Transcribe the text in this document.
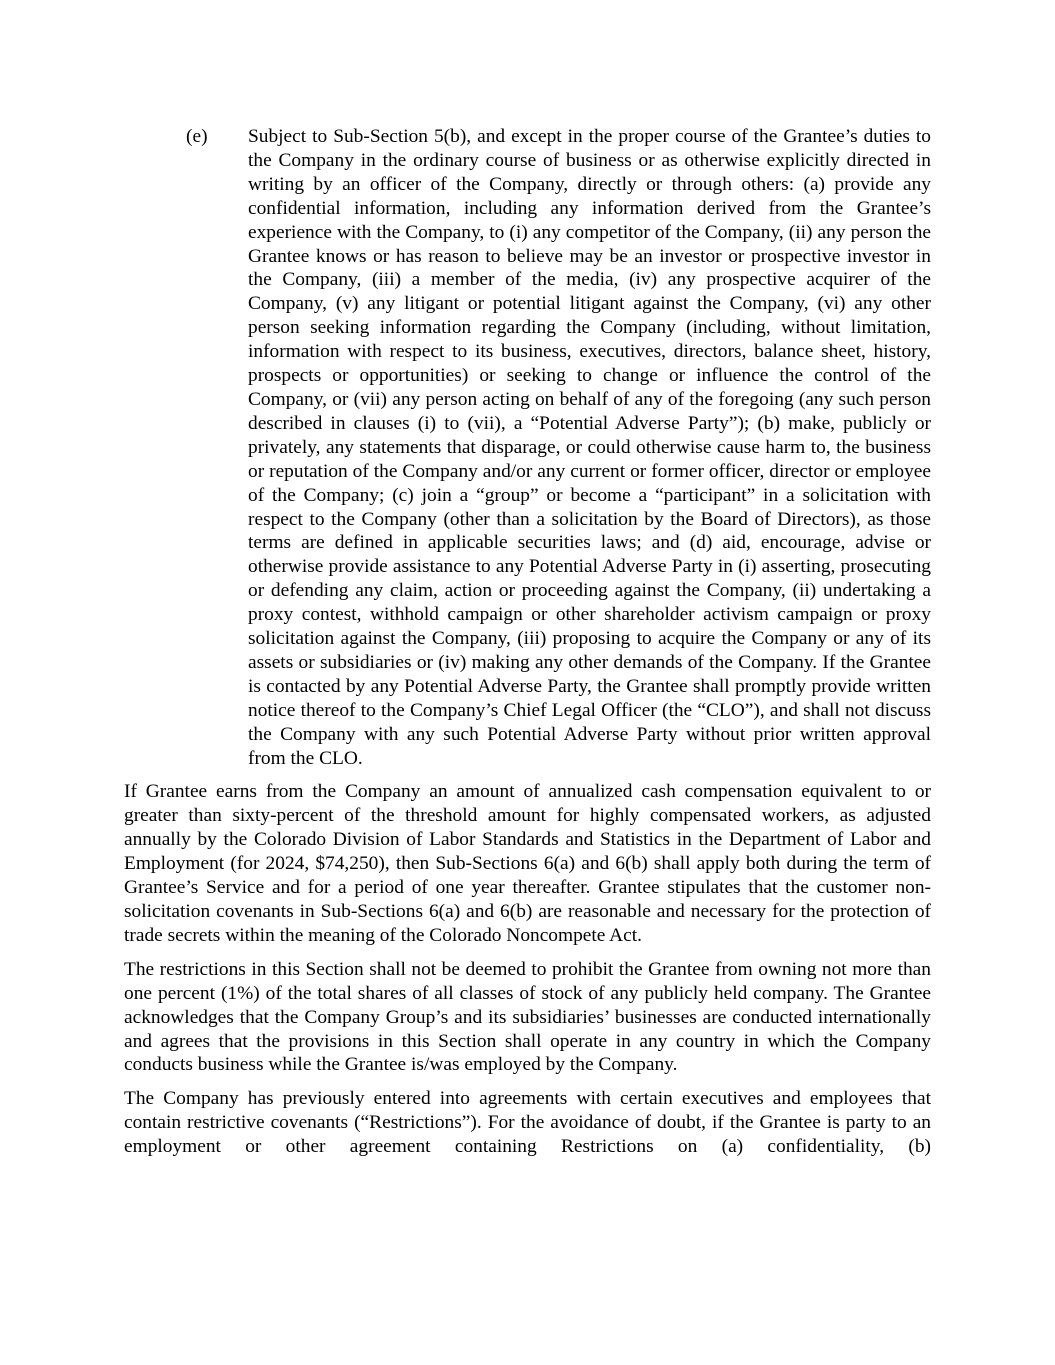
(e)	Subject to Sub-Section 5(b), and except in the proper course of the Grantee’s duties to the Company in the ordinary course of business or as otherwise explicitly directed in writing by an officer of the Company, directly or through others: (a) provide any confidential information, including any information derived from the Grantee’s experience with the Company, to (i) any competitor of the Company, (ii) any person the Grantee knows or has reason to believe may be an investor or prospective investor in the Company, (iii) a member of the media, (iv) any prospective acquirer of the Company, (v) any litigant or potential litigant against the Company, (vi) any other person seeking information regarding the Company (including, without limitation, information with respect to its business, executives, directors, balance sheet, history, prospects or opportunities) or seeking to change or influence the control of the Company, or (vii) any person acting on behalf of any of the foregoing (any such person described in clauses (i) to (vii), a “Potential Adverse Party”); (b) make, publicly or privately, any statements that disparage, or could otherwise cause harm to, the business or reputation of the Company and/or any current or former officer, director or employee of the Company; (c) join a “group” or become a “participant” in a solicitation with respect to the Company (other than a solicitation by the Board of Directors), as those terms are defined in applicable securities laws; and (d) aid, encourage, advise or otherwise provide assistance to any Potential Adverse Party in (i) asserting, prosecuting or defending any claim, action or proceeding against the Company, (ii) undertaking a proxy contest, withhold campaign or other shareholder activism campaign or proxy solicitation against the Company, (iii) proposing to acquire the Company or any of its assets or subsidiaries or (iv) making any other demands of the Company. If the Grantee is contacted by any Potential Adverse Party, the Grantee shall promptly provide written notice thereof to the Company’s Chief Legal Officer (the “CLO”), and shall not discuss the Company with any such Potential Adverse Party without prior written approval from the CLO.

If Grantee earns from the Company an amount of annualized cash compensation equivalent to or greater than sixty-percent of the threshold amount for highly compensated workers, as adjusted annually by the Colorado Division of Labor Standards and Statistics in the Department of Labor and Employment (for 2024, $74,250), then Sub-Sections 6(a) and 6(b) shall apply both during the term of Grantee’s Service and for a period of one year thereafter. Grantee stipulates that the customer non-solicitation covenants in Sub-Sections 6(a) and 6(b) are reasonable and necessary for the protection of trade secrets within the meaning of the Colorado Noncompete Act.

The restrictions in this Section shall not be deemed to prohibit the Grantee from owning not more than one percent (1%) of the total shares of all classes of stock of any publicly held company. The Grantee acknowledges that the Company Group’s and its subsidiaries’ businesses are conducted internationally and agrees that the provisions in this Section shall operate in any country in which the Company conducts business while the Grantee is/was employed by the Company.

The Company has previously entered into agreements with certain executives and employees that contain restrictive covenants (“Restrictions”). For the avoidance of doubt, if the Grantee is party to an employment or other agreement containing Restrictions on (a) confidentiality, (b)
